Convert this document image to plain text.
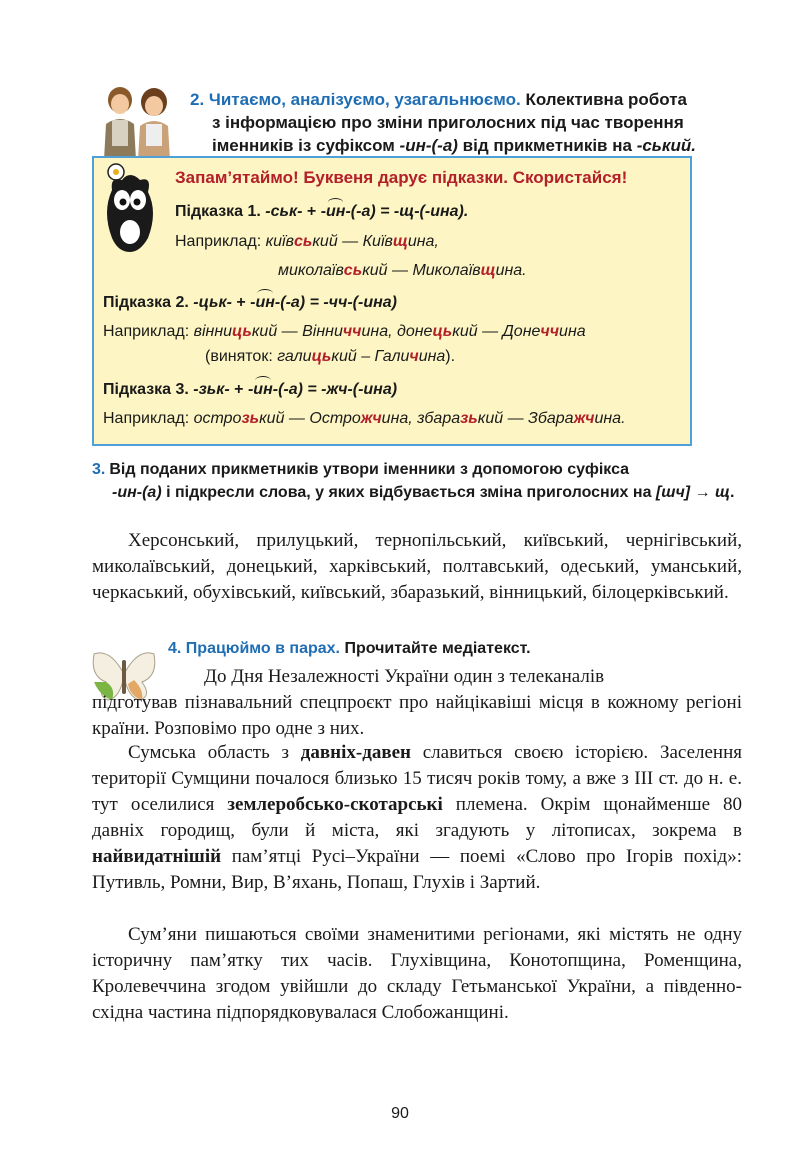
2. Читаємо, аналізуємо, узагальнюємо. Колективна робота
з інформацією про зміни приголосних під час творення
іменників із суфіксом -ин-(-а) від прикметників на -ський.
Запам’ятаймо! Буквеня дарує підказки. Скористайся!
Підказка 1. -ськ- + -ин-(-а) = -щ-(-ина).
Наприклад: київський — Київщина,
миколаївський — Миколаївщина.
Підказка 2. -цьк- + -ин-(-а) = -чч-(-ина)
Наприклад: вінницький — Вінниччина, донецький — Донеччина
(виняток: галицький – Галичина).
Підказка 3. -зьк- + -ин-(-а) = -жч-(-ина)
Наприклад: острозький — Острожчина, збаразький — Збаражчина.
3. Від поданих прикметників утвори іменники з допомогою суфікса
-ин-(а) і підкресли слова, у яких відбувається зміна приголосних на [шч] → щ.
Херсонський, прилуцький, тернопільський, київський, чернігівський, миколаївський, донецький, харківський, полтавський, одеський, уманський, черкаський, обухівський, київський, збаразький, вінницький, білоцерківський.
4. Працюймо в парах. Прочитайте медіатекст.
До Дня Незалежності України один з телеканалів
підготував пізнавальний спецпроєкт про найцікавіші місця в кожному регіоні країни. Розповімо про одне з них.
Сумська область з давніх-давен славиться своєю історією. Заселення території Сумщини почалося близько 15 тисяч років тому, а вже з ІІІ ст. до н. е. тут оселилися землеробсько-скотарські племена. Окрім щонайменше 80 давніх городищ, були й міста, які згадують у літописах, зокрема в найвидатнішій пам’ятці Русі–України — поемі «Слово про Ігорів похід»: Путивль, Ромни, Вир, В’яхань, Попаш, Глухів і Зартий.
Сум’яни пишаються своїми знаменитими регіонами, які містять не одну історичну пам’ятку тих часів. Глухівщина, Конотопщина, Роменщина, Кролевеччина згодом увійшли до складу Гетьманської України, а південно-східна частина підпорядковувалася Слобожанщині.
90
